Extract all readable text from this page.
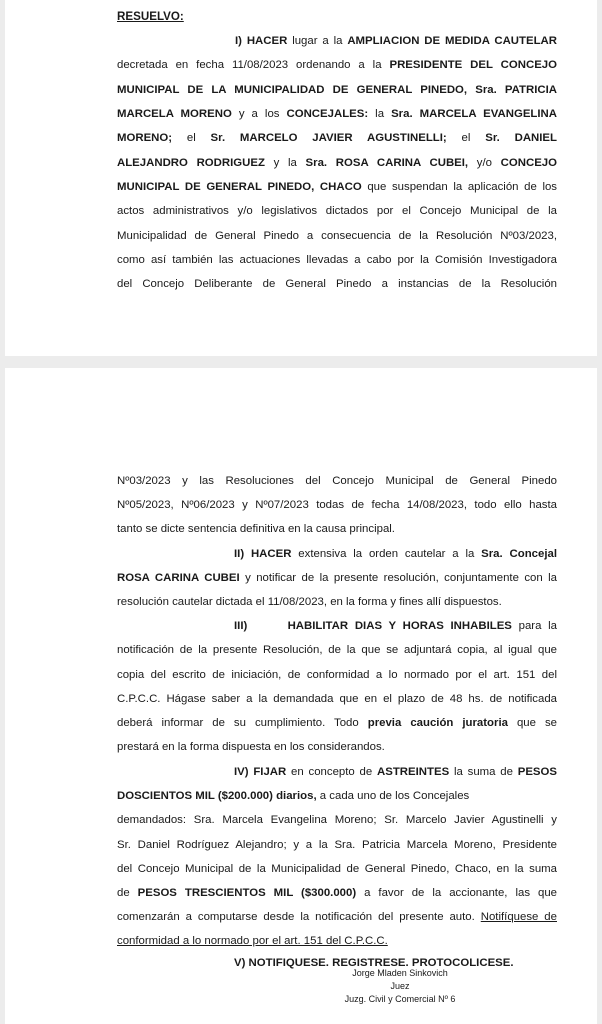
RESUELVO:
I) HACER lugar a la AMPLIACION DE MEDIDA CAUTELAR
decretada en fecha 11/08/2023 ordenando a la PRESIDENTE DEL CONCEJO
MUNICIPAL DE LA MUNICIPALIDAD DE GENERAL PINEDO, Sra. PATRICIA
MARCELA MORENO y a los CONCEJALES: la Sra. MARCELA EVANGELINA
MORENO; el Sr. MARCELO JAVIER AGUSTINELLI; el Sr. DANIEL
ALEJANDRO RODRIGUEZ y la Sra. ROSA CARINA CUBEI, y/o CONCEJO
MUNICIPAL DE GENERAL PINEDO, CHACO que suspendan la aplicación de los
actos administrativos y/o legislativos dictados por el Concejo Municipal de la
Municipalidad de General Pinedo a consecuencia de la Resolución Nº03/2023,
como así también las actuaciones llevadas a cabo por la Comisión Investigadora
del Concejo Deliberante de General Pinedo a instancias de la Resolución
Nº03/2023 y las Resoluciones del Concejo Municipal de General Pinedo
Nº05/2023, Nº06/2023 y Nº07/2023 todas de fecha 14/08/2023, todo ello hasta
tanto se dicte sentencia definitiva en la causa principal.
II) HACER extensiva la orden cautelar a la Sra. Concejal
ROSA CARINA CUBEI y notificar de la presente resolución, conjuntamente con la
resolución cautelar dictada el 11/08/2023, en la forma y fines allí dispuestos.
III)      HABILITAR DIAS Y HORAS INHABILES para la
notificación de la presente Resolución, de la que se adjuntará copia, al igual que
copia del escrito de iniciación, de conformidad a lo normado por el art. 151 del
C.P.C.C. Hágase saber a la demandada que en el plazo de 48 hs. de notificada
deberá informar de su cumplimiento. Todo previa caución juratoria que se
prestará en la forma dispuesta en los considerandos.
IV) FIJAR en concepto de ASTREINTES la suma de PESOS
DOSCIENTOS MIL ($200.000) diarios, a cada uno de los Concejales
demandados: Sra. Marcela Evangelina Moreno; Sr. Marcelo Javier Agustinelli y
Sr. Daniel Rodríguez Alejandro; y a la Sra. Patricia Marcela Moreno, Presidente
del Concejo Municipal de la Municipalidad de General Pinedo, Chaco, en la suma
de PESOS TRESCIENTOS MIL ($300.000) a favor de la accionante, las que
comenzarán a computarse desde la notificación del presente auto. Notifíquese de
conformidad a lo normado por el art. 151 del C.P.C.C.
V) NOTIFIQUESE. REGISTRESE. PROTOCOLICESE.
Jorge Mladen Sinkovich
Juez
Juzg. Civil y Comercial Nº 6
